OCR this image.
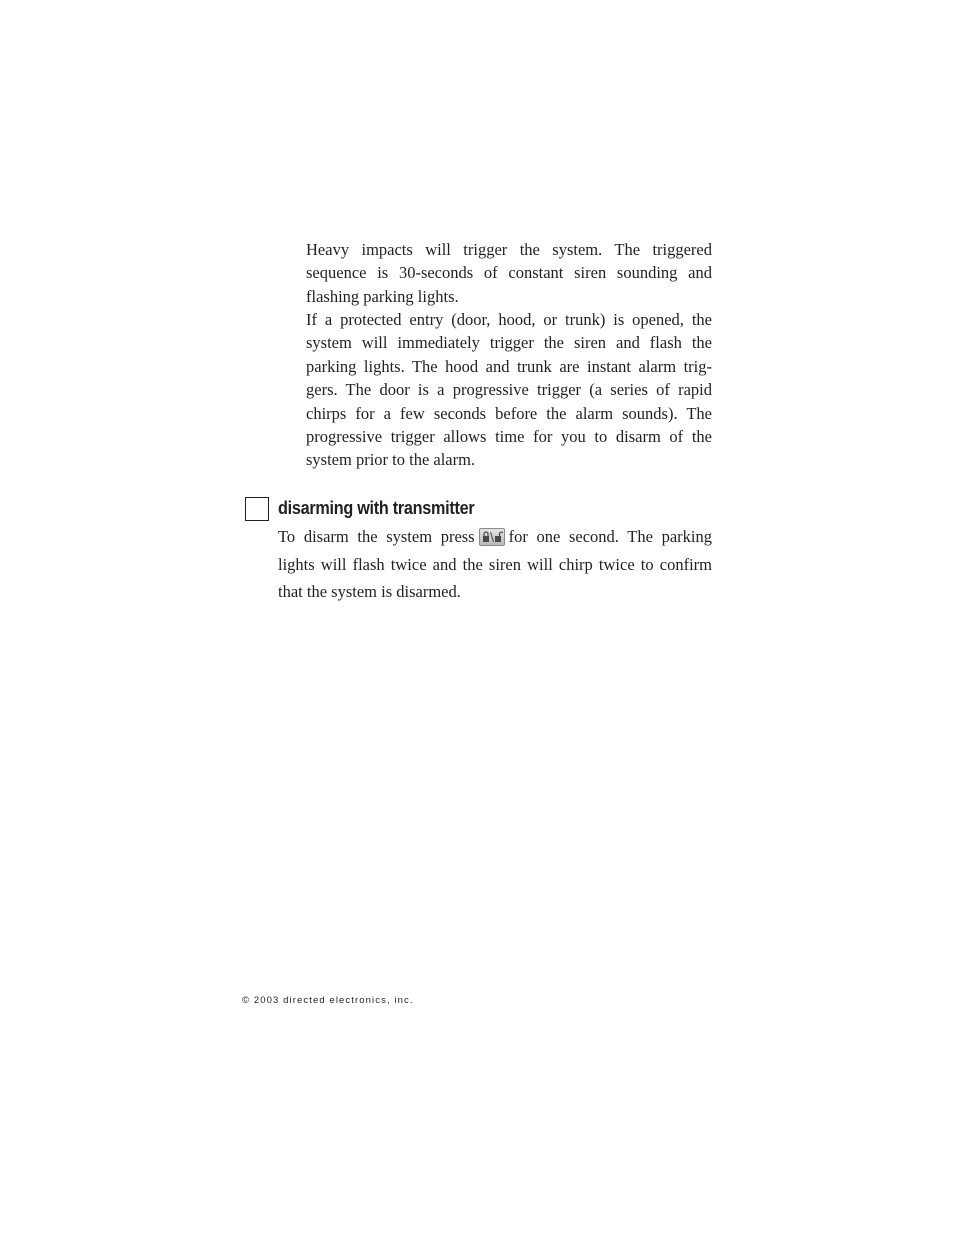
Heavy impacts will trigger the system. The triggered sequence is 30-seconds of constant siren sounding and flashing parking lights.

If a protected entry (door, hood, or trunk) is opened, the system will immediately trigger the siren and flash the parking lights. The hood and trunk are instant alarm trig-gers. The door is a progressive trigger (a series of rapid chirps for a few seconds before the alarm sounds). The progressive trigger allows time for you to disarm of the system prior to the alarm.

disarming with transmitter

To disarm the system press for one second. The parking lights will flash twice and the siren will chirp twice to confirm that the system is disarmed.

© 2003 directed electronics, inc.
